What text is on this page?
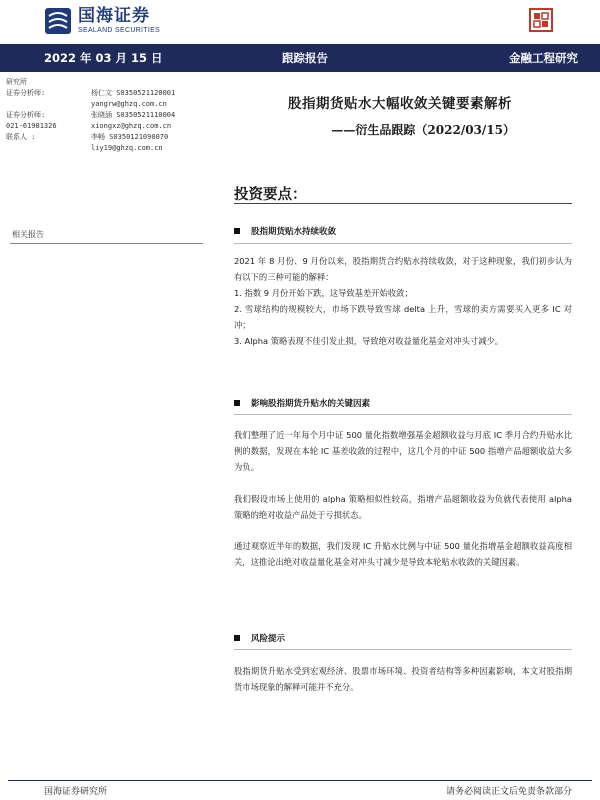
国海证券
SEALAND SECURITIES
2022 年 03 月 15 日	跟踪报告	金融工程研究
研究所
证券分析师:	杨仁文 S0350521120001
yangrw@ghzq.com.cn
证券分析师:	张晓涵 S0350521110004
021-61981326	xiongxz@ghzq.com.cn
联系人 :	李畅 S0350121090070
liy19@ghzq.com.cn
股指期货贴水大幅收敛关键要素解析
——衍生品跟踪（2022/03/15）
投资要点：
相关报告	股指期货贴水持续收敛

2021 年 8 月份、9 月份以来，股指期货合约贴水持续收敛，对于这种现象，我们初步认为有以下的三种可能的解释：

1. 指数 9 月份开始下跌，这导致基差开始收敛；

2. 雪球结构的规模较大，市场下跌导致雪球 delta 上升，雪球的卖方需要买入更多 IC 对冲；

3. Alpha 策略表现不佳引发止损，导致绝对收益量化基金对冲头寸减少。

影响股指期货升贴水的关键因素

我们整理了近一年每个月中证 500 量化指数增强基金超额收益与月底 IC 季月合约升贴水比例的数据，发现在本轮 IC 基差收敛的过程中，这几个月的中证 500 指增产品超额收益大多为负。

我们假设市场上使用的 alpha 策略相似性较高，指增产品超额收益为负就代表使用 alpha 策略的绝对收益产品处于亏损状态。

通过观察近半年的数据，我们发现 IC 升贴水比例与中证 500 量化指增基金超额收益高度相关，这推论出绝对收益量化基金对冲头寸减少是导致本轮贴水收敛的关键因素。

风险提示

股指期货升贴水受到宏观经济、股票市场环境、投资者结构等多种因素影响，本文对股指期货市场现象的解释可能并不充分。

国海证券研究所	请务必阅读正文后免责条款部分
